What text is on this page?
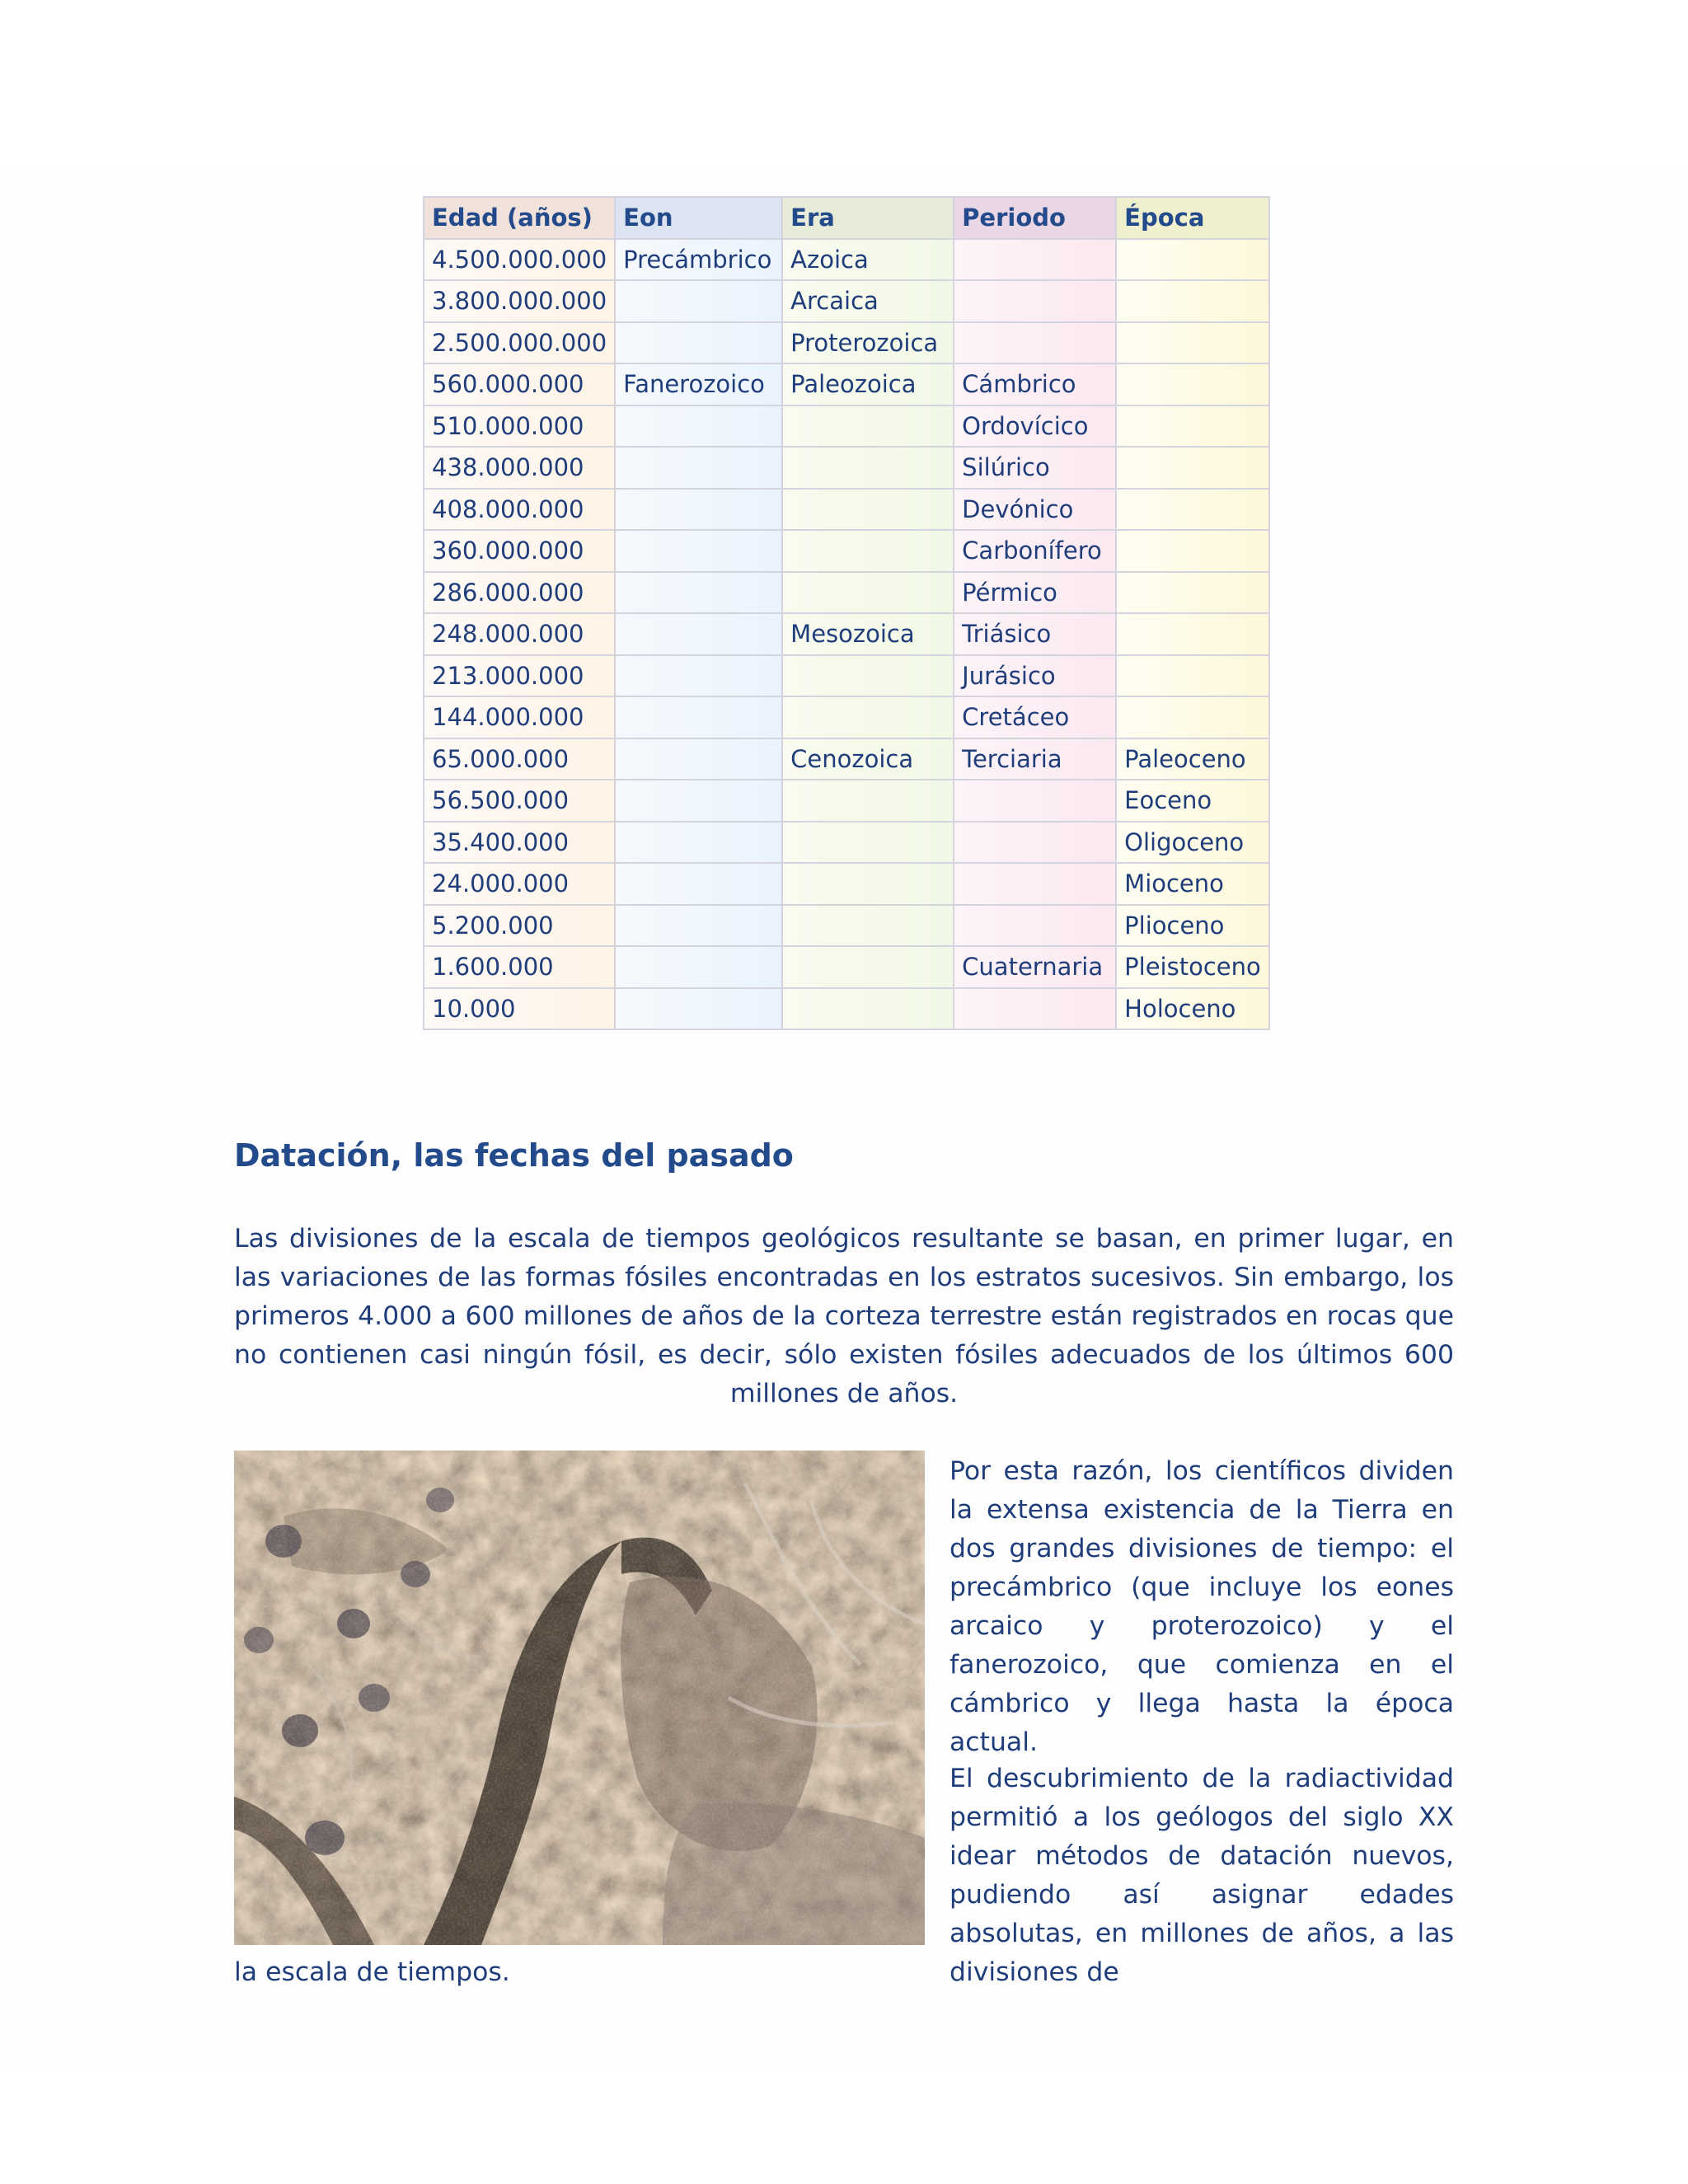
Edad (años)	Eon	Era	Periodo	Época
4.500.000.000	Precámbrico	Azoica		
3.800.000.000		Arcaica		
2.500.000.000		Proterozoica		
560.000.000	Fanerozoico	Paleozoica	Cámbrico	
510.000.000			Ordovícico	
438.000.000			Silúrico	
408.000.000			Devónico	
360.000.000			Carbonífero	
286.000.000			Pérmico	
248.000.000		Mesozoica	Triásico	
213.000.000			Jurásico	
144.000.000			Cretáceo	
65.000.000		Cenozoica	Terciaria	Paleoceno
56.500.000				Eoceno
35.400.000				Oligoceno
24.000.000				Mioceno
5.200.000				Plioceno
1.600.000			Cuaternaria	Pleistoceno
10.000				Holoceno
Datación, las fechas del pasado

Las divisiones de la escala de tiempos geológicos resultante se basan, en primer lugar, en las variaciones de las formas fósiles encontradas en los estratos sucesivos. Sin embargo, los primeros 4.000 a 600 millones de años de la corteza terrestre están registrados en rocas que no contienen casi ningún fósil, es decir, sólo existen fósiles adecuados de los últimos 600 millones de años.

Por esta razón, los científicos dividen la extensa existencia de la Tierra en dos grandes divisiones de tiempo: el precámbrico (que incluye los eones arcaico y proterozoico) y el fanerozoico, que comienza en el cámbrico y llega hasta la época actual.

El descubrimiento de la radiactividad permitió a los geólogos del siglo XX idear métodos de datación nuevos, pudiendo así asignar edades absolutas, en millones de años, a las divisiones de

la escala de tiempos.
